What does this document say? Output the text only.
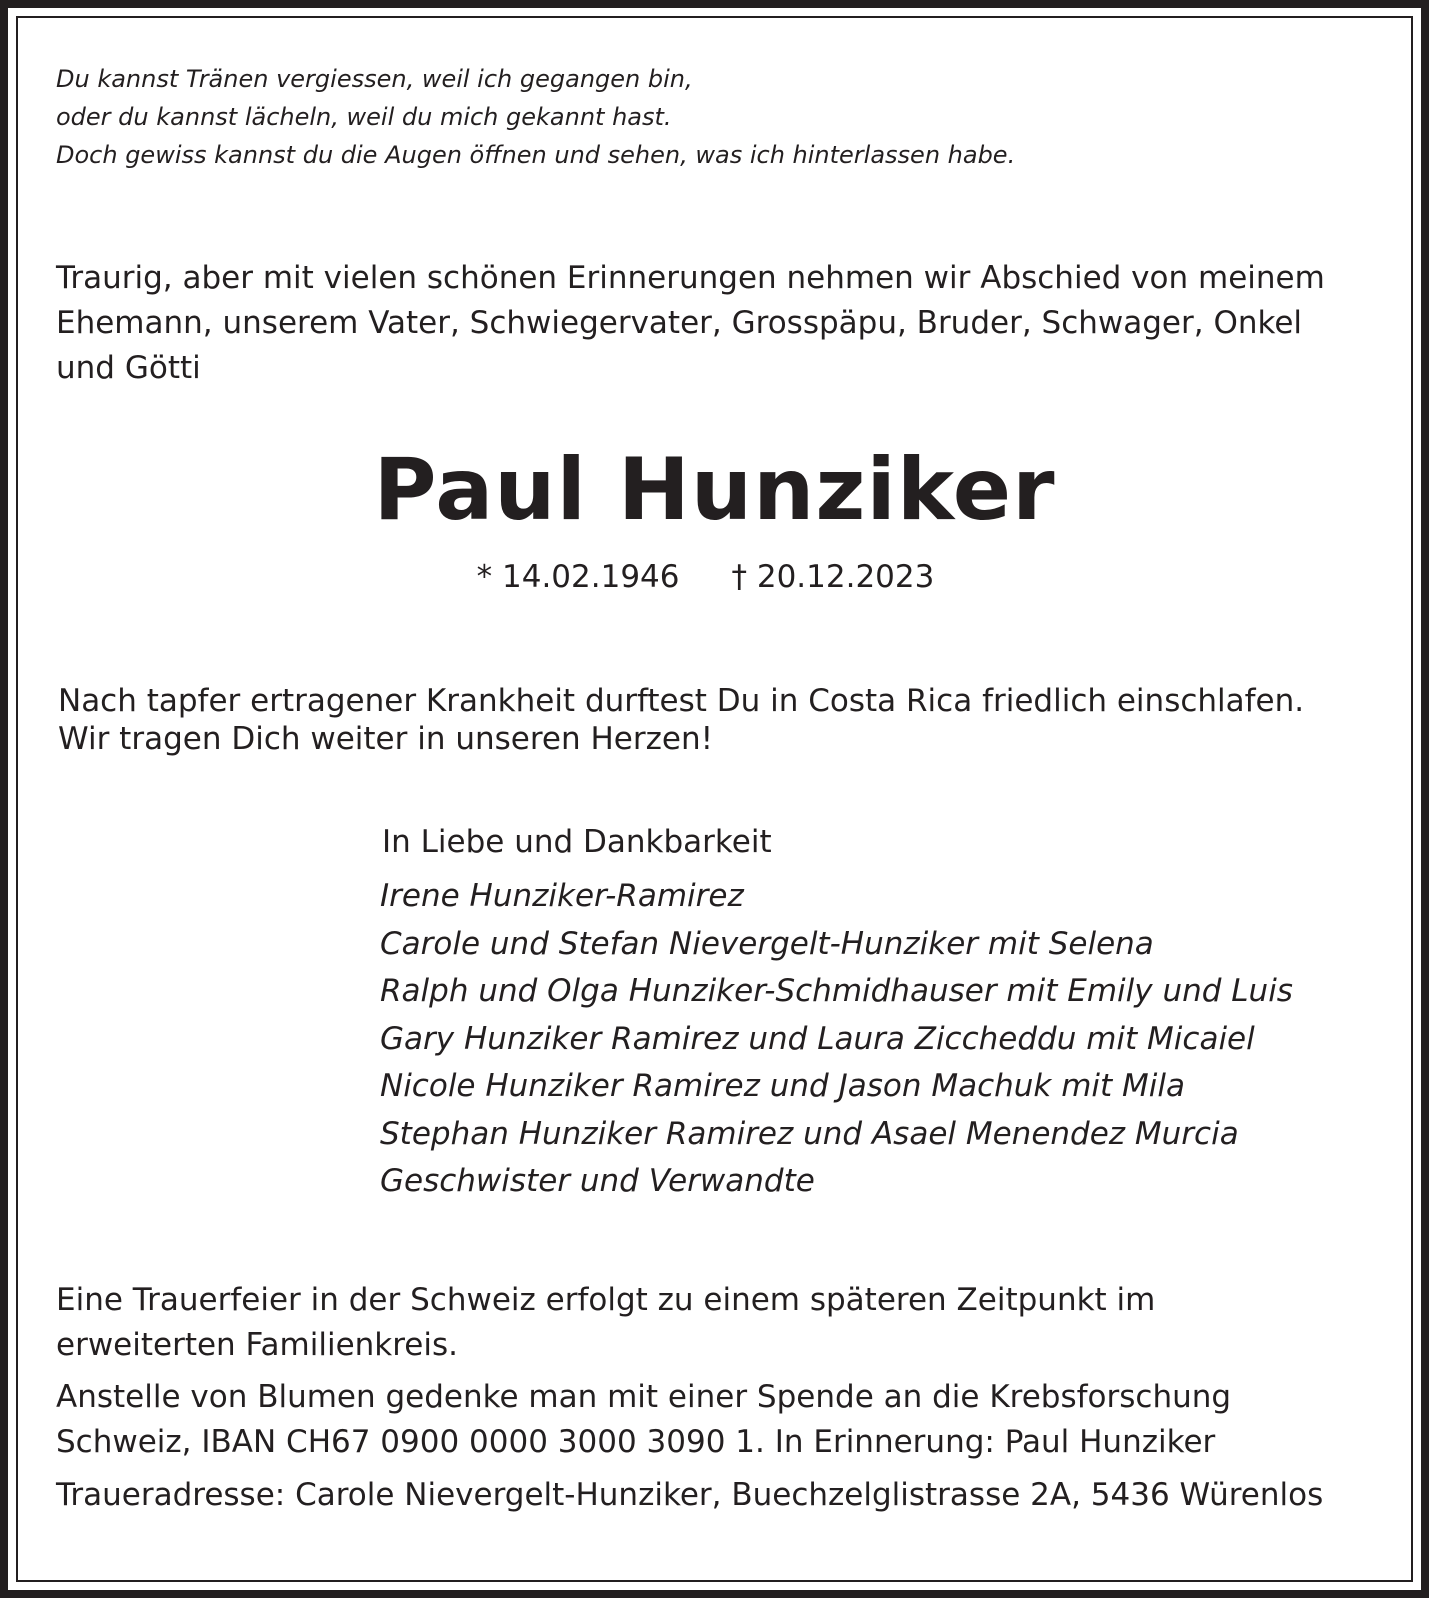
Du kannst Tränen vergiessen, weil ich gegangen bin,
oder du kannst lächeln, weil du mich gekannt hast.
Doch gewiss kannst du die Augen öffnen und sehen, was ich hinterlassen habe.
Traurig, aber mit vielen schönen Erinnerungen nehmen wir Abschied von meinem
Ehemann, unserem Vater, Schwiegervater, Grosspäpu, Bruder, Schwager, Onkel
und Götti
Paul Hunziker
* 14.02.1946 † 20.12.2023
Nach tapfer ertragener Krankheit durftest Du in Costa Rica friedlich einschlafen.
Wir tragen Dich weiter in unseren Herzen!
In Liebe und Dankbarkeit
Irene Hunziker-Ramirez
Carole und Stefan Nievergelt-Hunziker mit Selena
Ralph und Olga Hunziker-Schmidhauser mit Emily und Luis
Gary Hunziker Ramirez und Laura Ziccheddu mit Micaiel
Nicole Hunziker Ramirez und Jason Machuk mit Mila
Stephan Hunziker Ramirez und Asael Menendez Murcia
Geschwister und Verwandte
Eine Trauerfeier in der Schweiz erfolgt zu einem späteren Zeitpunkt im
erweiterten Familienkreis.
Anstelle von Blumen gedenke man mit einer Spende an die Krebsforschung
Schweiz, IBAN CH67 0900 0000 3000 3090 1. In Erinnerung: Paul Hunziker
Traueradresse: Carole Nievergelt-Hunziker, Buechzelglistrasse 2A, 5436 Würenlos
